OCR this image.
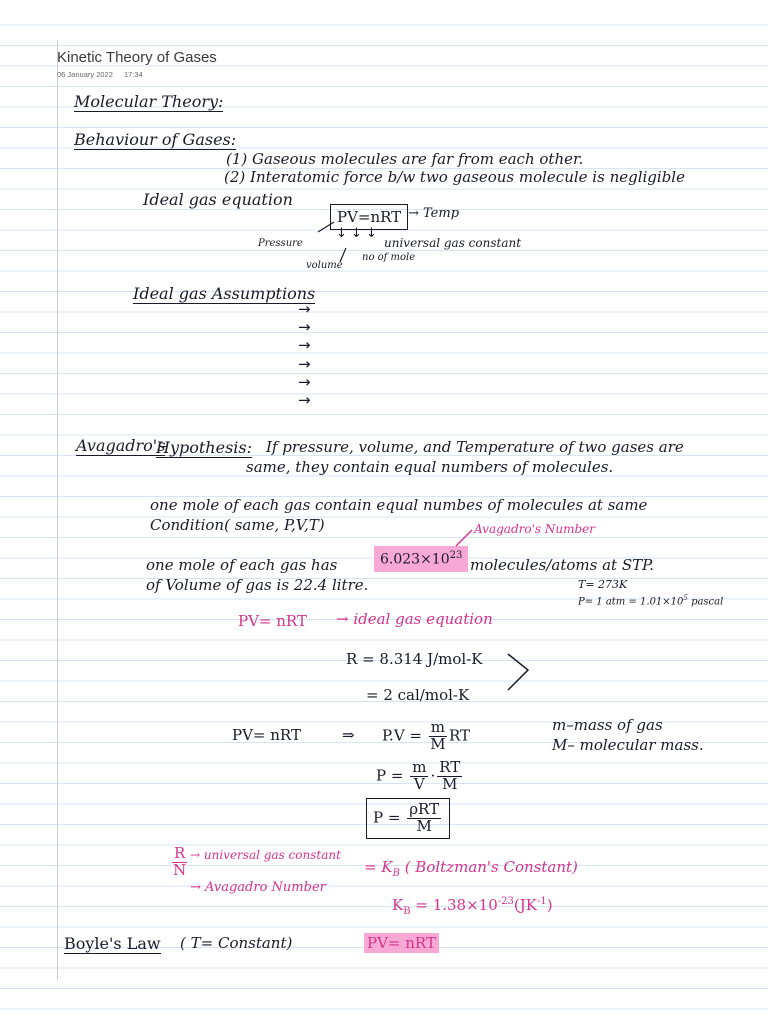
Kinetic Theory of Gases
06 January 2022 17:34
Molecular Theory:
Behaviour of Gases:
(1) Gaseous molecules are far from each other.
(2) Interatomic force b/w two gaseous molecule is negligible
Ideal gas equation
PV=nRT → Temp
Pressure
↓ ↓ ↓
universal gas constant
volume
no of mole
Ideal gas Assumptions
→
→
→
→
→
→
Avagadro's
Hypothesis: If pressure, volume, and Temperature of two gases are
same, they contain equal numbers of molecules.
one mole of each gas contain equal numbes of molecules at same
Condition( same, P,V,T)	Avagadro's Number
one mole of each gas has	$6.023\times 10^{23}$
molecules/atoms at STP.
of Volume of gas is 22.4 litre.	T= 273K
P= 1 atm = $1.01\times 10^5$ pascal
PV= nRT → ideal gas equation
R = 8.314 J/mol-K
= 2 cal/mol-K
PV= nRT	⇒ $P.V = \frac{m}{M}$ RT
m–mass of gas
M– molecular mass.
$P = \frac{m}{V} \cdot \frac{RT}{M}$
$P = \frac{\text{ρRT}}{M}$
$\frac{R}{N}$ → universal gas constant
→ Avagadro Number
= $K_B$ ( Boltzman's Constant)
$K_B = 1.38\times 10^{-23}(JK^{-1})$
Boyle's Law ( T= Constant)	PV= nRT
